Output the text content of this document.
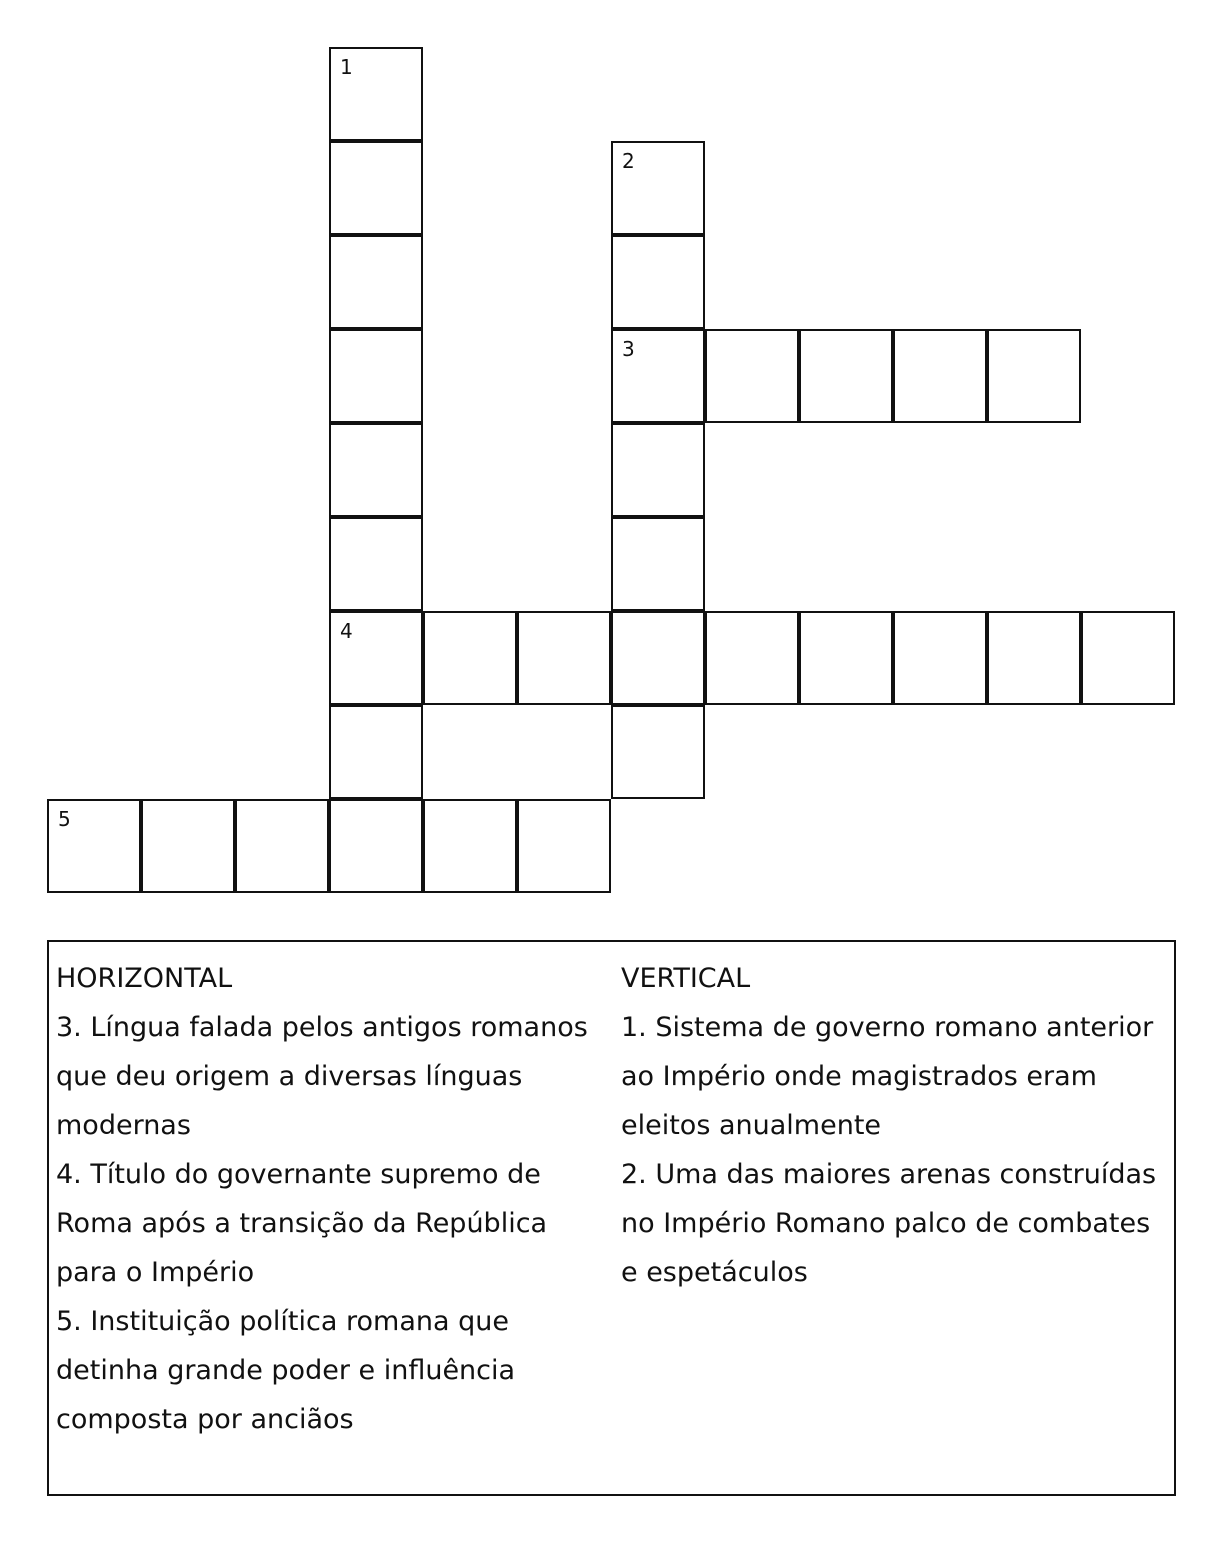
1
2
3
4
5
HORIZONTAL

3. Língua falada pelos antigos romanos que deu origem a diversas línguas modernas

4. Título do governante supremo de Roma após a transição da República para o Império

5. Instituição política romana que detinha grande poder e influência composta por anciãos

VERTICAL

1. Sistema de governo romano anterior ao Império onde magistrados eram eleitos anualmente

2. Uma das maiores arenas construídas no Império Romano palco de combates e espetáculos
